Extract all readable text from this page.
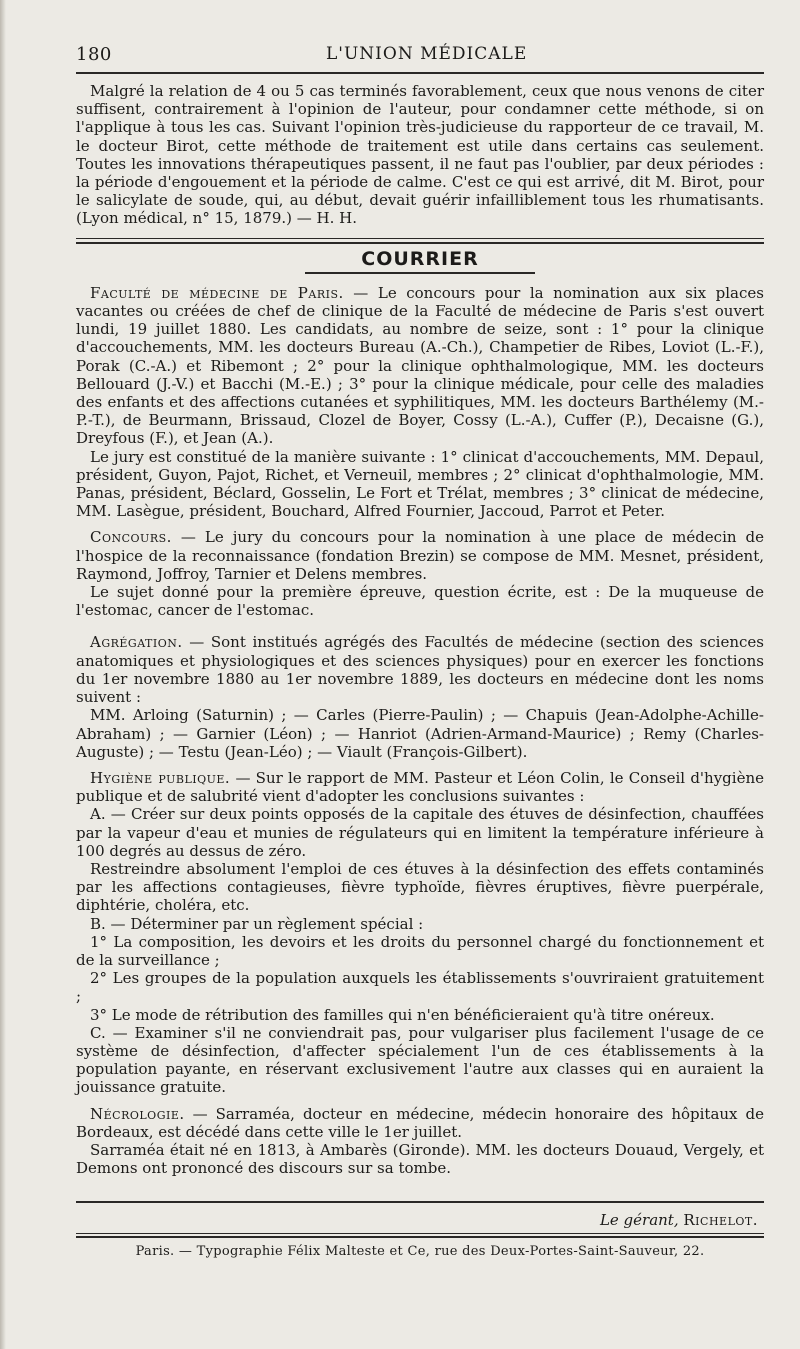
180	L'UNION MÉDICALE

Malgré la relation de 4 ou 5 cas terminés favorablement, ceux que nous venons de citer suffisent, contrairement à l'opinion de l'auteur, pour condamner cette méthode, si on l'applique à tous les cas. Suivant l'opinion très-judicieuse du rapporteur de ce travail, M. le docteur Birot, cette méthode de traitement est utile dans certains cas seulement. Toutes les innovations thérapeutiques passent, il ne faut pas l'oublier, par deux périodes : la période d'engouement et la période de calme. C'est ce qui est arrivé, dit M. Birot, pour le salicylate de soude, qui, au début, devait guérir infailliblement tous les rhumatisants. (Lyon médical, n° 15, 1879.) — H. H.

COURRIER

Faculté de médecine de Paris. — Le concours pour la nomination aux six places vacantes ou créées de chef de clinique de la Faculté de médecine de Paris s'est ouvert lundi, 19 juillet 1880. Les candidats, au nombre de seize, sont : 1° pour la clinique d'accouchements, MM. les docteurs Bureau (A.-Ch.), Champetier de Ribes, Loviot (L.-F.), Porak (C.-A.) et Ribemont ; 2° pour la clinique ophthalmologique, MM. les docteurs Bellouard (J.-V.) et Bacchi (M.-E.) ; 3° pour la clinique médicale, pour celle des maladies des enfants et des affections cutanées et syphilitiques, MM. les docteurs Barthélemy (M.-P.-T.), de Beurmann, Brissaud, Clozel de Boyer, Cossy (L.-A.), Cuffer (P.), Decaisne (G.), Dreyfous (F.), et Jean (A.).

Le jury est constitué de la manière suivante : 1° clinicat d'accouchements, MM. Depaul, président, Guyon, Pajot, Richet, et Verneuil, membres ; 2° clinicat d'ophthalmologie, MM. Panas, président, Béclard, Gosselin, Le Fort et Trélat, membres ; 3° clinicat de médecine, MM. Lasègue, président, Bouchard, Alfred Fournier, Jaccoud, Parrot et Peter.

Concours. — Le jury du concours pour la nomination à une place de médecin de l'hospice de la reconnaissance (fondation Brezin) se compose de MM. Mesnet, président, Raymond, Joffroy, Tarnier et Delens membres.

Le sujet donné pour la première épreuve, question écrite, est : De la muqueuse de l'estomac, cancer de l'estomac.

Agrégation. — Sont institués agrégés des Facultés de médecine (section des sciences anatomiques et physiologiques et des sciences physiques) pour en exercer les fonctions du 1er novembre 1880 au 1er novembre 1889, les docteurs en médecine dont les noms suivent :

MM. Arloing (Saturnin) ; — Carles (Pierre-Paulin) ; — Chapuis (Jean-Adolphe-Achille-Abraham) ; — Garnier (Léon) ; — Hanriot (Adrien-Armand-Maurice) ; Remy (Charles-Auguste) ; — Testu (Jean-Léo) ; — Viault (François-Gilbert).

Hygiène publique. — Sur le rapport de MM. Pasteur et Léon Colin, le Conseil d'hygiène publique et de salubrité vient d'adopter les conclusions suivantes :

A. — Créer sur deux points opposés de la capitale des étuves de désinfection, chauffées par la vapeur d'eau et munies de régulateurs qui en limitent la température inférieure à 100 degrés au dessus de zéro.

Restreindre absolument l'emploi de ces étuves à la désinfection des effets contaminés par les affections contagieuses, fièvre typhoïde, fièvres éruptives, fièvre puerpérale, diphtérie, choléra, etc.

B. — Déterminer par un règlement spécial :

1° La composition, les devoirs et les droits du personnel chargé du fonctionnement et de la surveillance ;

2° Les groupes de la population auxquels les établissements s'ouvriraient gratuitement ;

3° Le mode de rétribution des familles qui n'en bénéficieraient qu'à titre onéreux.

C. — Examiner s'il ne conviendrait pas, pour vulgariser plus facilement l'usage de ce système de désinfection, d'affecter spécialement l'un de ces établissements à la population payante, en réservant exclusivement l'autre aux classes qui en auraient la jouissance gratuite.

Nécrologie. — Sarraméa, docteur en médecine, médecin honoraire des hôpitaux de Bordeaux, est décédé dans cette ville le 1er juillet.

Sarraméa était né en 1813, à Ambarès (Gironde). MM. les docteurs Douaud, Vergely, et Demons ont prononcé des discours sur sa tombe.

Le gérant, Richelot.
Paris. — Typographie Félix Malteste et Ce, rue des Deux-Portes-Saint-Sauveur, 22.
